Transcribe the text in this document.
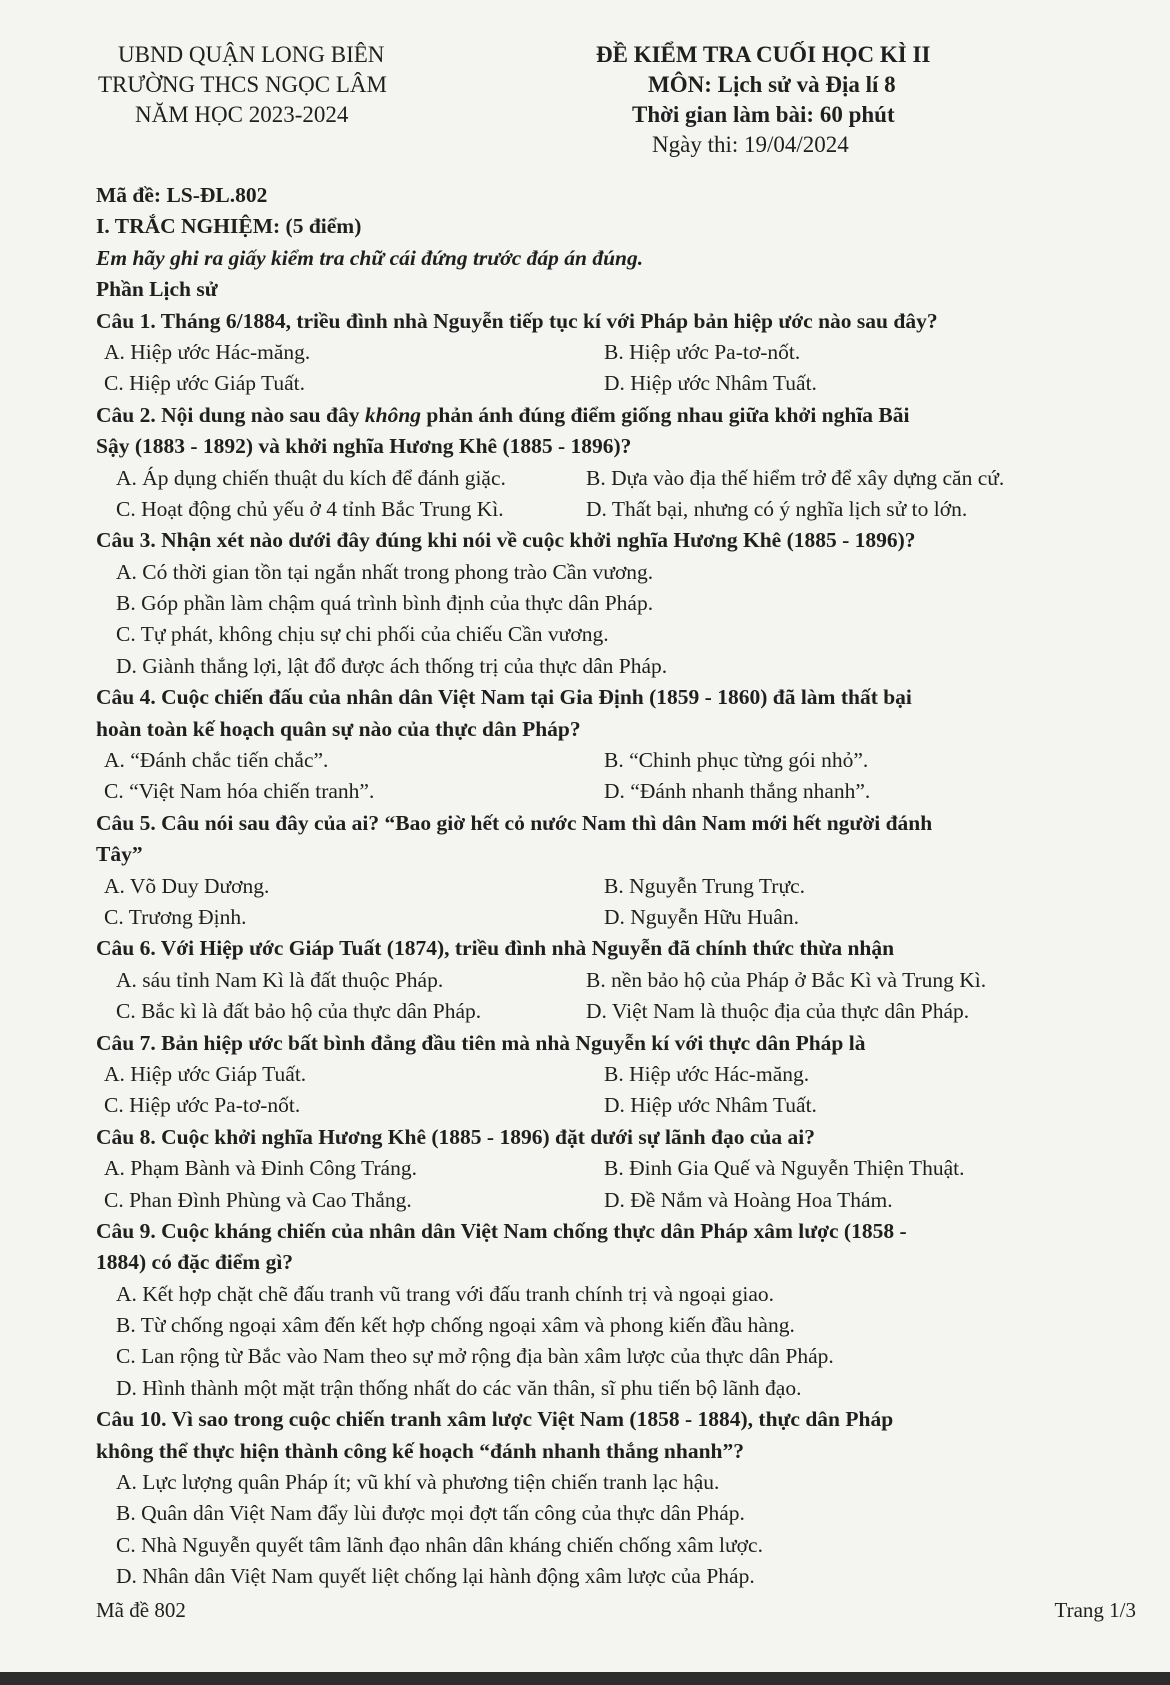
UBND QUẬN LONG BIÊN
TRƯỜNG THCS NGỌC LÂM
NĂM HỌC 2023-2024
ĐỀ KIỂM TRA CUỐI HỌC KÌ II
MÔN: Lịch sử và Địa lí 8
Thời gian làm bài: 60 phút
Ngày thi: 19/04/2024
Mã đề: LS-ĐL.802
I. TRẮC NGHIỆM: (5 điểm)
Em hãy ghi ra giấy kiểm tra chữ cái đứng trước đáp án đúng.
Phần Lịch sử
Câu 1. Tháng 6/1884, triều đình nhà Nguyễn tiếp tục kí với Pháp bản hiệp ước nào sau đây?
A. Hiệp ước Hác-măng.	B. Hiệp ước Pa-tơ-nốt.
C. Hiệp ước Giáp Tuất.	D. Hiệp ước Nhâm Tuất.
Câu 2. Nội dung nào sau đây không phản ánh đúng điểm giống nhau giữa khởi nghĩa Bãi
Sậy (1883 - 1892) và khởi nghĩa Hương Khê (1885 - 1896)?
A. Áp dụng chiến thuật du kích để đánh giặc.	B. Dựa vào địa thế hiểm trở để xây dựng căn cứ.
C. Hoạt động chủ yếu ở 4 tỉnh Bắc Trung Kì.	D. Thất bại, nhưng có ý nghĩa lịch sử to lớn.
Câu 3. Nhận xét nào dưới đây đúng khi nói về cuộc khởi nghĩa Hương Khê (1885 - 1896)?
A. Có thời gian tồn tại ngắn nhất trong phong trào Cần vương.
B. Góp phần làm chậm quá trình bình định của thực dân Pháp.
C. Tự phát, không chịu sự chi phối của chiếu Cần vương.
D. Giành thắng lợi, lật đổ được ách thống trị của thực dân Pháp.
Câu 4. Cuộc chiến đấu của nhân dân Việt Nam tại Gia Định (1859 - 1860) đã làm thất bại
hoàn toàn kế hoạch quân sự nào của thực dân Pháp?
A. “Đánh chắc tiến chắc”.	B. “Chinh phục từng gói nhỏ”.
C. “Việt Nam hóa chiến tranh”.	D. “Đánh nhanh thắng nhanh”.
Câu 5. Câu nói sau đây của ai? “Bao giờ hết cỏ nước Nam thì dân Nam mới hết người đánh
Tây”
A. Võ Duy Dương.	B. Nguyễn Trung Trực.
C. Trương Định.	D. Nguyễn Hữu Huân.
Câu 6. Với Hiệp ước Giáp Tuất (1874), triều đình nhà Nguyễn đã chính thức thừa nhận
A. sáu tỉnh Nam Kì là đất thuộc Pháp.	B. nền bảo hộ của Pháp ở Bắc Kì và Trung Kì.
C. Bắc kì là đất bảo hộ của thực dân Pháp.	D. Việt Nam là thuộc địa của thực dân Pháp.
Câu 7. Bản hiệp ước bất bình đẳng đầu tiên mà nhà Nguyễn kí với thực dân Pháp là
A. Hiệp ước Giáp Tuất.	B. Hiệp ước Hác-măng.
C. Hiệp ước Pa-tơ-nốt.	D. Hiệp ước Nhâm Tuất.
Câu 8. Cuộc khởi nghĩa Hương Khê (1885 - 1896) đặt dưới sự lãnh đạo của ai?
A. Phạm Bành và Đinh Công Tráng.	B. Đinh Gia Quế và Nguyễn Thiện Thuật.
C. Phan Đình Phùng và Cao Thắng.	D. Đề Nắm và Hoàng Hoa Thám.
Câu 9. Cuộc kháng chiến của nhân dân Việt Nam chống thực dân Pháp xâm lược (1858 -
1884) có đặc điểm gì?
A. Kết hợp chặt chẽ đấu tranh vũ trang với đấu tranh chính trị và ngoại giao.
B. Từ chống ngoại xâm đến kết hợp chống ngoại xâm và phong kiến đầu hàng.
C. Lan rộng từ Bắc vào Nam theo sự mở rộng địa bàn xâm lược của thực dân Pháp.
D. Hình thành một mặt trận thống nhất do các văn thân, sĩ phu tiến bộ lãnh đạo.
Câu 10. Vì sao trong cuộc chiến tranh xâm lược Việt Nam (1858 - 1884), thực dân Pháp
không thể thực hiện thành công kế hoạch “đánh nhanh thắng nhanh”?
A. Lực lượng quân Pháp ít; vũ khí và phương tiện chiến tranh lạc hậu.
B. Quân dân Việt Nam đẩy lùi được mọi đợt tấn công của thực dân Pháp.
C. Nhà Nguyễn quyết tâm lãnh đạo nhân dân kháng chiến chống xâm lược.
D. Nhân dân Việt Nam quyết liệt chống lại hành động xâm lược của Pháp.
Mã đề 802	Trang 1/3
